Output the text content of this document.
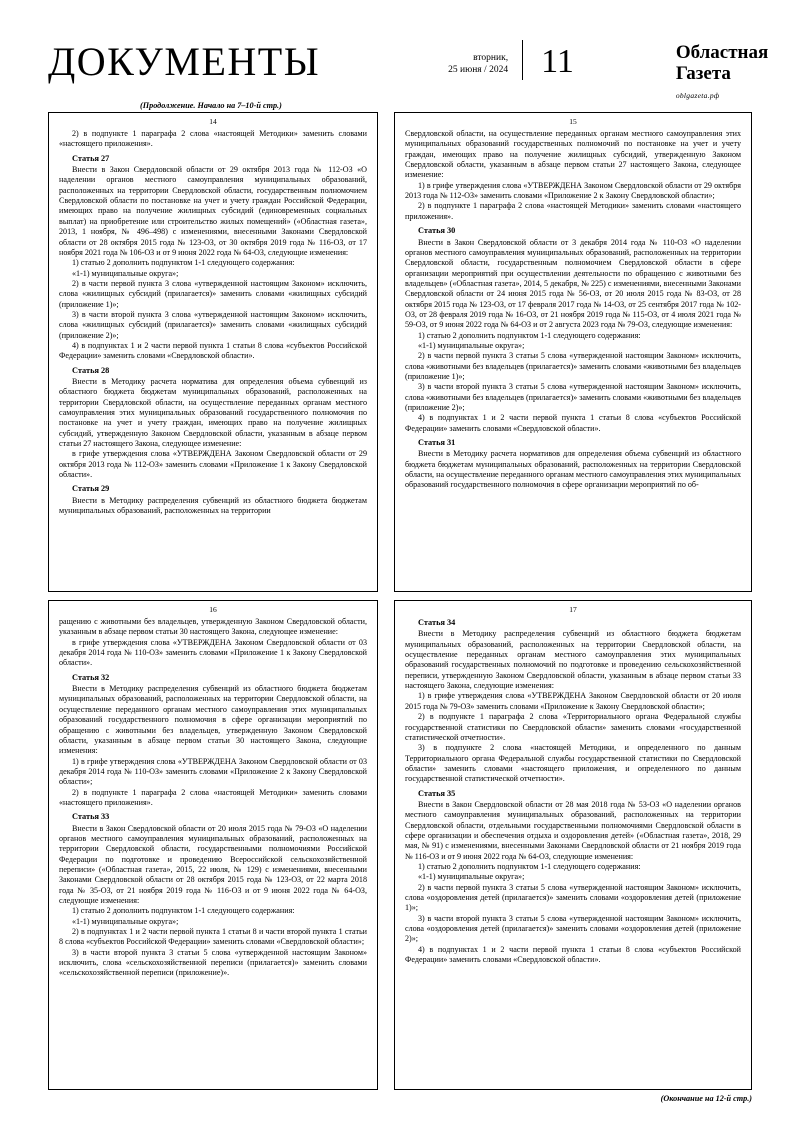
ДОКУМЕНТЫ	вторник,
25 июня / 2024 11	Областная
Газета
oblgazeta.рф
(Продолжение. Начало на 7–10-й стр.)
14

2) в подпункте 1 параграфа 2 слова «настоящей Методики» заменить словами «настоящего приложения».

Статья 27

Внести в Закон Свердловской области от 29 октября 2013 года № 112-ОЗ «О наделении органов местного самоуправления муниципальных образований, расположенных на территории Свердловской области, государственным полномочием Свердловской области по постановке на учет и учету граждан Российской Федерации, имеющих право на получение жилищных субсидий (единовременных социальных выплат) на приобретение или строительство жилых помещений» («Областная газета», 2013, 1 ноября, № 496–498) с изменениями, внесенными Законами Свердловской области от 28 октября 2015 года № 123-ОЗ, от 30 октября 2019 года № 116-ОЗ, от 17 ноября 2021 года № 106-ОЗ и от 9 июня 2022 года № 64-ОЗ, следующие изменения:

1) статью 2 дополнить подпунктом 1-1 следующего содержания:

«1-1) муниципальные округа»;

2) в части первой пункта 3 слова «утвержденной настоящим Законом» исключить, слова «жилищных субсидий (прилагается)» заменить словами «жилищных субсидий (приложение 1)»;

3) в части второй пункта 3 слова «утвержденной настоящим Законом» исключить, слова «жилищных субсидий (прилагается)» заменить словами «жилищных субсидий (приложение 2)»;

4) в подпунктах 1 и 2 части первой пункта 1 статьи 8 слова «субъектов Российской Федерации» заменить словами «Свердловской области».

Статья 28

Внести в Методику расчета норматива для определения объема субвенций из областного бюджета бюджетам муниципальных образований, расположенных на территории Свердловской области, на осуществление переданных органам местного самоуправления этих муниципальных образований государственного полномочия по постановке на учет и учету граждан, имеющих право на получение жилищных субсидий, утвержденную Законом Свердловской области, указанным в абзаце первом статьи 27 настоящего Закона, следующее изменение:

в грифе утверждения слова «УТВЕРЖДЕНА Законом Свердловской области от 29 октября 2013 года № 112-ОЗ» заменить словами «Приложение 1 к Закону Свердловской области».

Статья 29

Внести в Методику распределения субвенций из областного бюджета бюджетам муниципальных образований, расположенных на территории

15

Свердловской области, на осуществление переданных органам местного самоуправления этих муниципальных образований государственных полномочий по постановке на учет и учету граждан, имеющих право на получение жилищных субсидий, утвержденную Законом Свердловской области, указанным в абзаце первом статьи 27 настоящего Закона, следующее изменение:

1) в грифе утверждения слова «УТВЕРЖДЕНА Законом Свердловской области от 29 октября 2013 года № 112-ОЗ» заменить словами «Приложение 2 к Закону Свердловской области»;

2) в подпункте 1 параграфа 2 слова «настоящей Методики» заменить словами «настоящего приложения».

Статья 30

Внести в Закон Свердловской области от 3 декабря 2014 года № 110-ОЗ «О наделении органов местного самоуправления муниципальных образований, расположенных на территории Свердловской области, государственным полномочием Свердловской области в сфере организации мероприятий при осуществлении деятельности по обращению с животными без владельцев» («Областная газета», 2014, 5 декабря, № 225) с изменениями, внесенными Законами Свердловской области от 24 июня 2015 года № 56-ОЗ, от 20 июля 2015 года № 83-ОЗ, от 28 октября 2015 года № 123-ОЗ, от 17 февраля 2017 года № 14-ОЗ, от 25 сентября 2017 года № 102-ОЗ, от 28 февраля 2019 года № 16-ОЗ, от 21 ноября 2019 года № 115-ОЗ, от 4 июля 2021 года № 59-ОЗ, от 9 июня 2022 года № 64-ОЗ и от 2 августа 2023 года № 79-ОЗ, следующие изменения:

1) статью 2 дополнить подпунктом 1-1 следующего содержания:

«1-1) муниципальные округа»;

2) в части первой пункта 3 статьи 5 слова «утвержденной настоящим Законом» исключить, слова «животными без владельцев (прилагается)» заменить словами «животными без владельцев (приложение 1)»;

3) в части второй пункта 3 статьи 5 слова «утвержденной настоящим Законом» исключить, слова «животными без владельцев (прилагается)» заменить словами «животными без владельцев (приложение 2)»;

4) в подпунктах 1 и 2 части первой пункта 1 статьи 8 слова «субъектов Российской Федерации» заменить словами «Свердловской области».

Статья 31

Внести в Методику расчета нормативов для определения объема субвенций из областного бюджета бюджетам муниципальных образований, расположенных на территории Свердловской области, на осуществление переданного органам местного самоуправления этих муниципальных образований государственного полномочия в сфере организации мероприятий по об-

16

ращению с животными без владельцев, утвержденную Законом Свердловской области, указанным в абзаце первом статьи 30 настоящего Закона, следующее изменение:

в грифе утверждения слова «УТВЕРЖДЕНА Законом Свердловской области от 03 декабря 2014 года № 110-ОЗ» заменить словами «Приложение 1 к Закону Свердловской области».

Статья 32

Внести в Методику распределения субвенций из областного бюджета бюджетам муниципальных образований, расположенных на территории Свердловской области, на осуществление переданного органам местного самоуправления этих муниципальных образований государственного полномочия в сфере организации мероприятий по обращению с животными без владельцев, утвержденную Законом Свердловской области, указанным в абзаце первом статьи 30 настоящего Закона, следующие изменения:

1) в грифе утверждения слова «УТВЕРЖДЕНА Законом Свердловской области от 03 декабря 2014 года № 110-ОЗ» заменить словами «Приложение 2 к Закону Свердловской области»;

2) в подпункте 1 параграфа 2 слова «настоящей Методики» заменить словами «настоящего приложения».

Статья 33

Внести в Закон Свердловской области от 20 июля 2015 года № 79-ОЗ «О наделении органов местного самоуправления муниципальных образований, расположенных на территории Свердловской области, государственными полномочиями Российской Федерации по подготовке и проведению Всероссийской сельскохозяйственной переписи» («Областная газета», 2015, 22 июля, № 129) с изменениями, внесенными Законами Свердловской области от 28 октября 2015 года № 123-ОЗ, от 22 марта 2018 года № 35-ОЗ, от 21 ноября 2019 года № 116-ОЗ и от 9 июня 2022 года № 64-ОЗ, следующие изменения:

1) статью 2 дополнить подпунктом 1-1 следующего содержания:

«1-1) муниципальные округа»;

2) в подпунктах 1 и 2 части первой пункта 1 статьи 8 и части второй пункта 1 статьи 8 слова «субъектов Российской Федерации» заменить словами «Свердловской области»;

3) в части второй пункта 3 статьи 5 слова «утвержденной настоящим Законом» исключить, слова «сельскохозяйственной переписи (прилагается)» заменить словами «сельскохозяйственной переписи (приложение)».

17
Статья 34

Внести в Методику распределения субвенций из областного бюджета бюджетам муниципальных образований, расположенных на территории Свердловской области, на осуществление переданных органам местного самоуправления этих муниципальных образований государственных полномочий по подготовке и проведению сельскохозяйственной переписи, утвержденную Законом Свердловской области, указанным в абзаце первом статьи 33 настоящего Закона, следующие изменения:

1) в грифе утверждения слова «УТВЕРЖДЕНА Законом Свердловской области от 20 июля 2015 года № 79-ОЗ» заменить словами «Приложение к Закону Свердловской области»;

2) в подпункте 1 параграфа 2 слова «Территориального органа Федеральной службы государственной статистики по Свердловской области» заменить словами «государственной статистической отчетности».

3) в подпункте 2 слова «настоящей Методики, и определенного по данным Территориального органа Федеральной службы государственной статистики по Свердловской области» заменить словами «настоящего приложения, и определенного по данным государственной статистической отчетности».

Статья 35

Внести в Закон Свердловской области от 28 мая 2018 года № 53-ОЗ «О наделении органов местного самоуправления муниципальных образований, расположенных на территории Свердловской области, отдельными государственными полномочиями Свердловской области в сфере организации и обеспечения отдыха и оздоровления детей» («Областная газета», 2018, 29 мая, № 91) с изменениями, внесенными Законами Свердловской области от 21 ноября 2019 года № 116-ОЗ и от 9 июня 2022 года № 64-ОЗ, следующие изменения:

1) статью 2 дополнить подпунктом 1-1 следующего содержания:

«1-1) муниципальные округа»;

2) в части первой пункта 3 статьи 5 слова «утвержденной настоящим Законом» исключить, слова «оздоровления детей (прилагается)» заменить словами «оздоровления детей (приложение 1)»;

3) в части второй пункта 3 статьи 5 слова «утвержденной настоящим Законом» исключить, слова «оздоровления детей (прилагается)» заменить словами «оздоровления детей (приложение 2)»;

4) в подпунктах 1 и 2 части первой пункта 1 статьи 8 слова «субъектов Российской Федерации» заменить словами «Свердловской области».

(Окончание на 12-й стр.)
